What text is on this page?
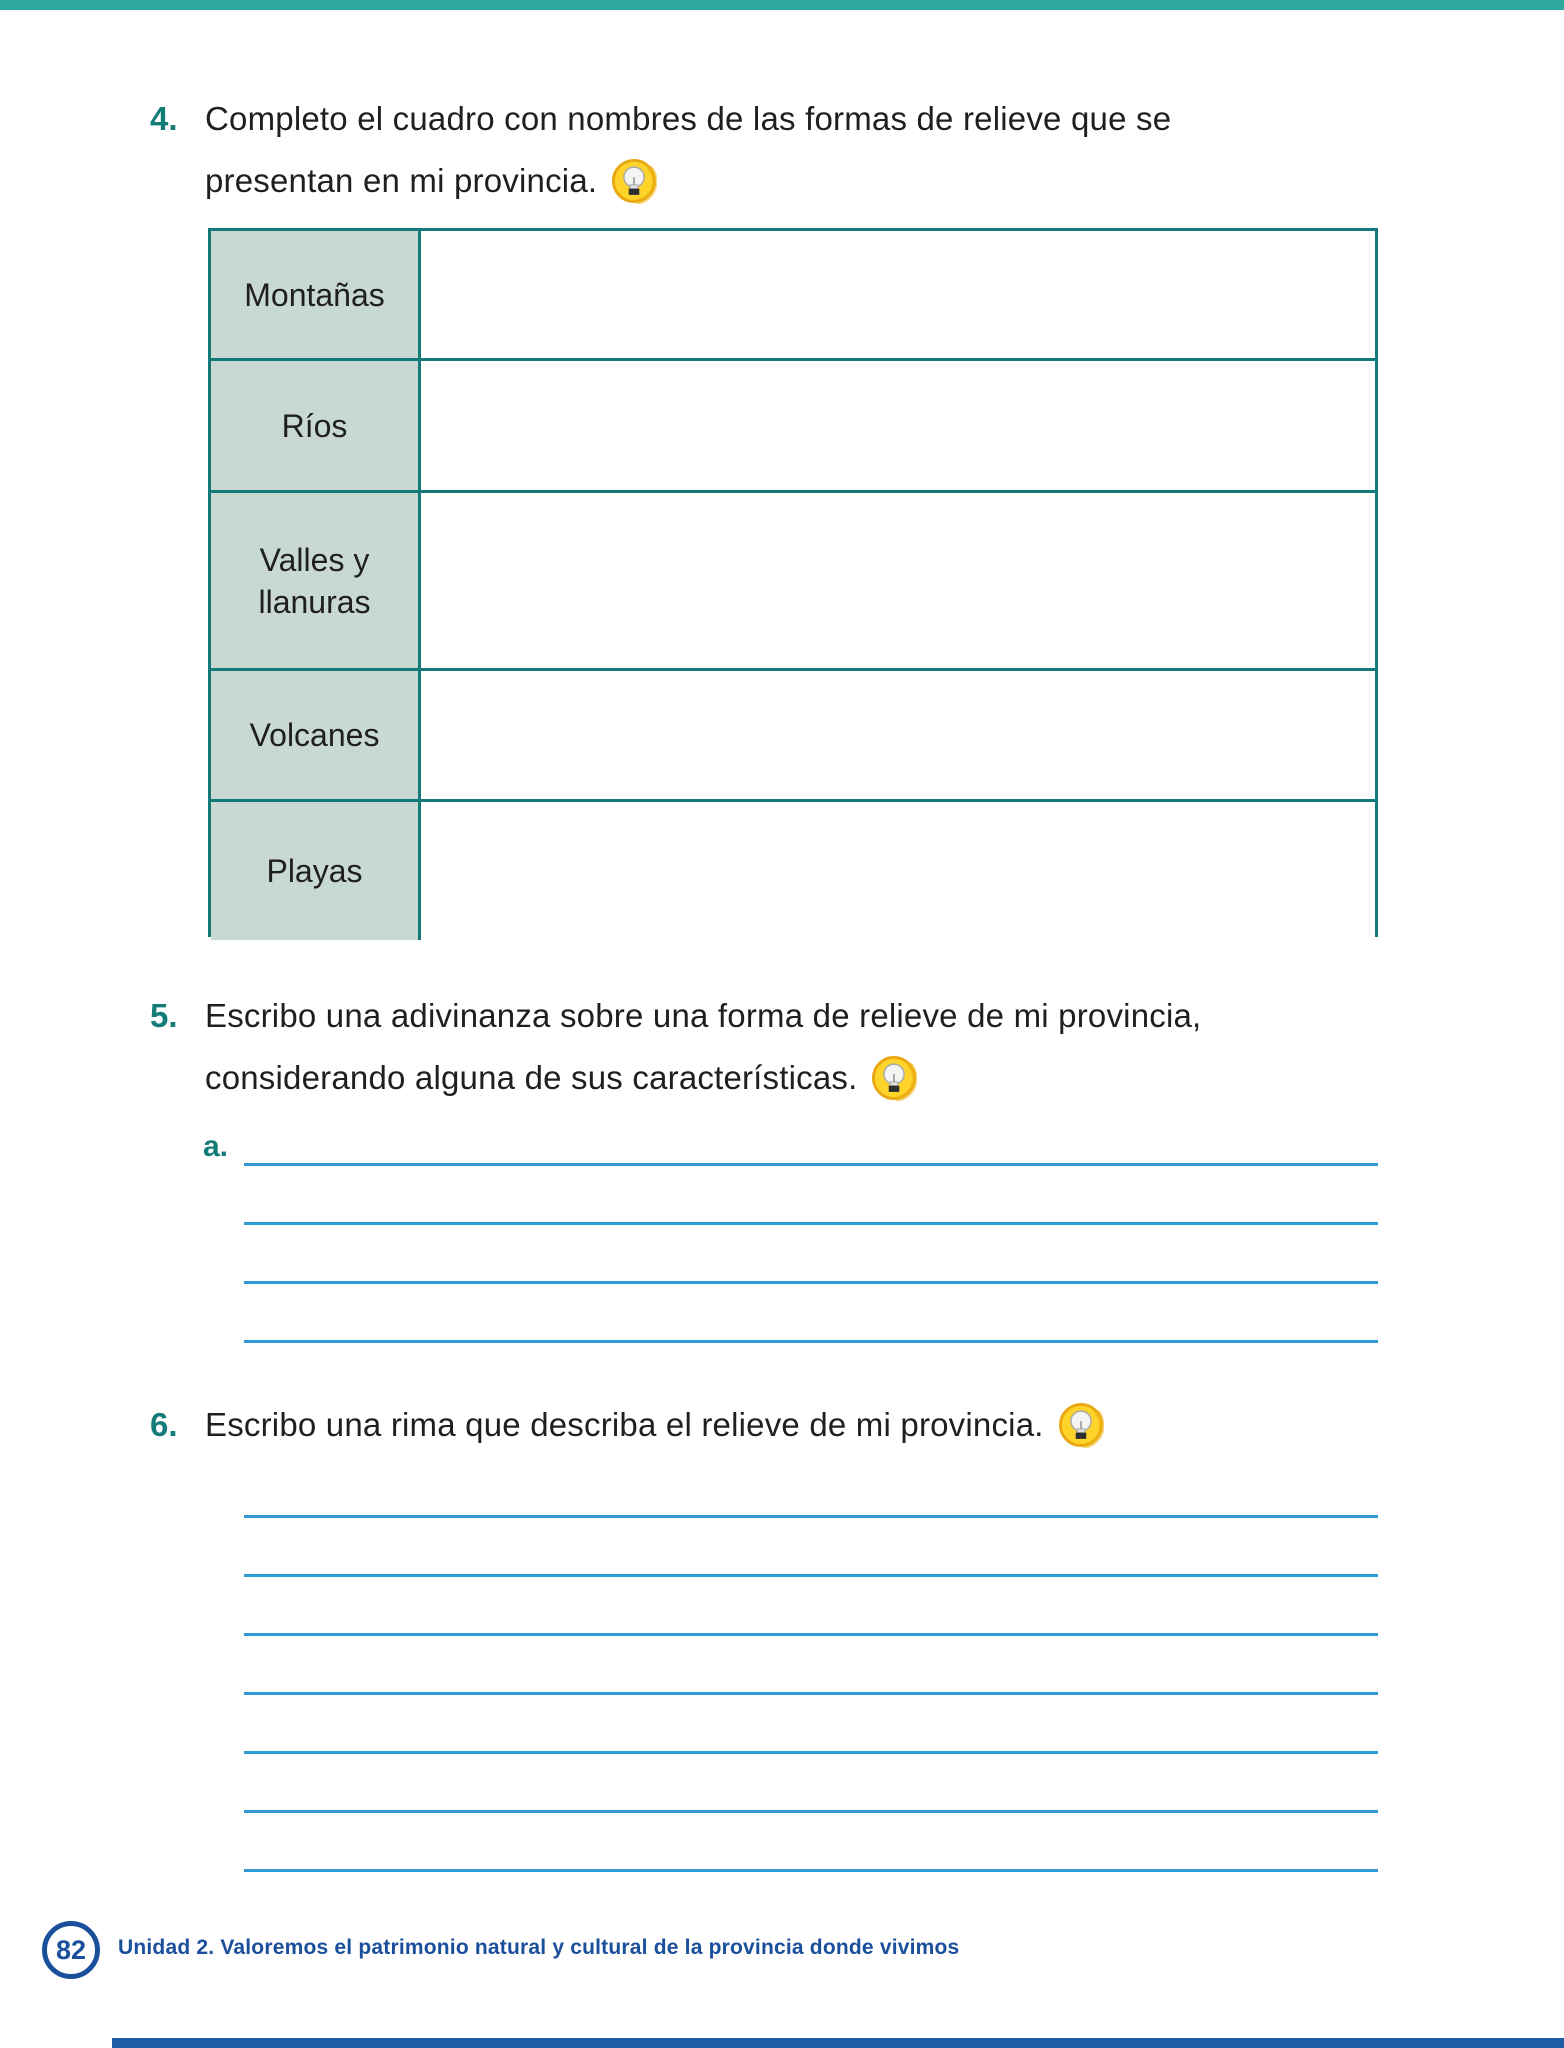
4. Completo el cuadro con nombres de las formas de relieve que se
presentan en mi provincia.
Montañas
Ríos
Valles y llanuras
Volcanes
Playas
5. Escribo una adivinanza sobre una forma de relieve de mi provincia,
considerando alguna de sus características.
a.
6. Escribo una rima que describa el relieve de mi provincia.
82	Unidad 2. Valoremos el patrimonio natural y cultural de la provincia donde vivimos
